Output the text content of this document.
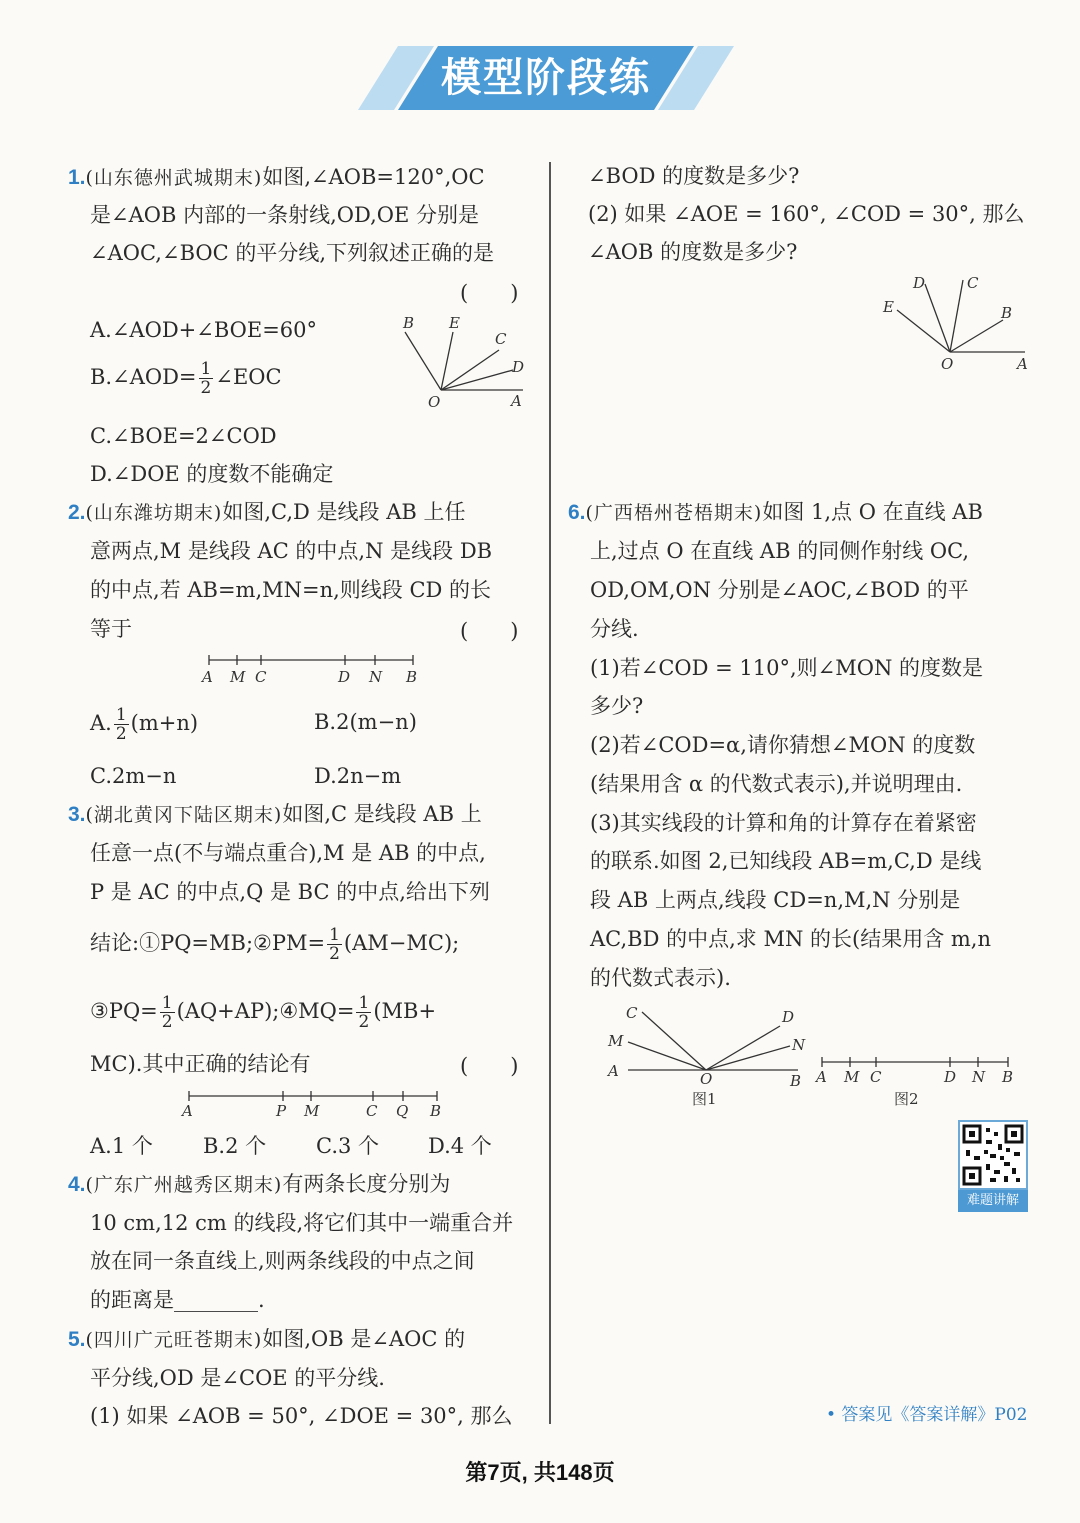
模型阶段练
1.(山东德州武城期末)如图,∠AOB=120°,OC
是∠AOB 内部的一条射线,OD,OE 分别是
∠AOC,∠BOC 的平分线,下列叙述正确的是
(　　)
A.∠AOD+∠BOE=60°
B.∠AOD= $\frac{1}{2}$ ∠EOC
C.∠BOE=2∠COD
D.∠DOE 的度数不能确定
B E
C
D
O	A
2.(山东潍坊期末)如图,C,D 是线段 AB 上任
意两点,M 是线段 AC 的中点,N 是线段 DB
的中点,若 AB=m,MN=n,则线段 CD 的长
等于	(　　)
A M C	D N B
A. $\frac{1}{2} (m+n)$	B.2(m−n)
C.2m−n	D.2n−m
3.(湖北黄冈下陆区期末)如图,C 是线段 AB 上
任意一点(不与端点重合),M 是 AB 的中点,
P 是 AC 的中点,Q 是 BC 的中点,给出下列
结论:①PQ=MB;②PM= $\frac{1}{2} (AM-MC)$;
③PQ= $\frac{1}{2}$ (AQ+AP);④MQ= $\frac{1}{2} (MB+$
MC).其中正确的结论有	(　　)
A	P M	C Q B
A.1 个 B.2 个 C.3 个 D.4 个
4.(广东广州越秀区期末)有两条长度分别为
10 cm,12 cm 的线段,将它们其中一端重合并
放在同一条直线上,则两条线段的中点之间
的距离是________.
5.(四川广元旺苍期末)如图,OB 是∠AOC 的
平分线,OD 是∠COE 的平分线.
(1) 如果 ∠AOB = 50°, ∠DOE = 30°, 那么
∠BOD 的度数是多少?
(2) 如果 ∠AOE = 160°, ∠COD = 30°, 那么
∠AOB 的度数是多少?
D	C
E	B
O	A
6.(广西梧州苍梧期末)如图 1,点 O 在直线 AB
上,过点 O 在直线 AB 的同侧作射线 OC,
OD,OM,ON 分别是∠AOC,∠BOD 的平
分线.
(1)若∠COD = 110°,则∠MON 的度数是
多少?
(2)若∠COD=α,请你猜想∠MON 的度数
(结果用含 α 的代数式表示),并说明理由.
(3)其实线段的计算和角的计算存在着紧密
的联系.如图 2,已知线段 AB=m,C,D 是线
段 AB 上两点,线段 CD=n,M,N 分别是
AC,BD 的中点,求 MN 的长(结果用含 m,n
的代数式表示).
C	D
M	N
A	O	B
图1
A M C	D N B
图2
难题讲解
• 答案见《答案详解》P02
第7页, 共148页
